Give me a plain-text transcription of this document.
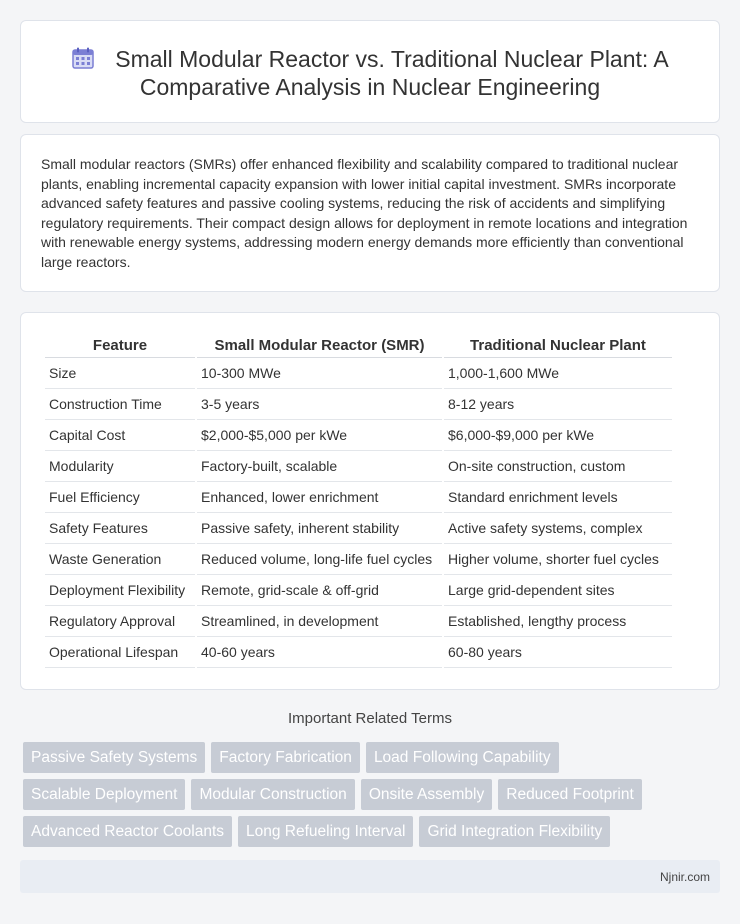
Small Modular Reactor vs. Traditional Nuclear Plant: A Comparative Analysis in Nuclear Engineering

Small modular reactors (SMRs) offer enhanced flexibility and scalability compared to traditional nuclear plants, enabling incremental capacity expansion with lower initial capital investment. SMRs incorporate advanced safety features and passive cooling systems, reducing the risk of accidents and simplifying regulatory requirements. Their compact design allows for deployment in remote locations and integration with renewable energy systems, addressing modern energy demands more efficiently than conventional large reactors.

Feature	Small Modular Reactor (SMR)	Traditional Nuclear Plant
Size	10-300 MWe	1,000-1,600 MWe
Construction Time	3-5 years	8-12 years
Capital Cost	$2,000-$5,000 per kWe	$6,000-$9,000 per kWe
Modularity	Factory-built, scalable	On-site construction, custom
Fuel Efficiency	Enhanced, lower enrichment	Standard enrichment levels
Safety Features	Passive safety, inherent stability	Active safety systems, complex
Waste Generation	Reduced volume, long-life fuel cycles	Higher volume, shorter fuel cycles
Deployment Flexibility	Remote, grid-scale & off-grid	Large grid-dependent sites
Regulatory Approval	Streamlined, in development	Established, lengthy process
Operational Lifespan	40-60 years	60-80 years
Important Related Terms
Passive Safety Systems	Factory Fabrication	Load Following Capability
Scalable Deployment	Modular Construction	Onsite Assembly	Reduced Footprint
Advanced Reactor Coolants	Long Refueling Interval	Grid Integration Flexibility
Njnir.com
